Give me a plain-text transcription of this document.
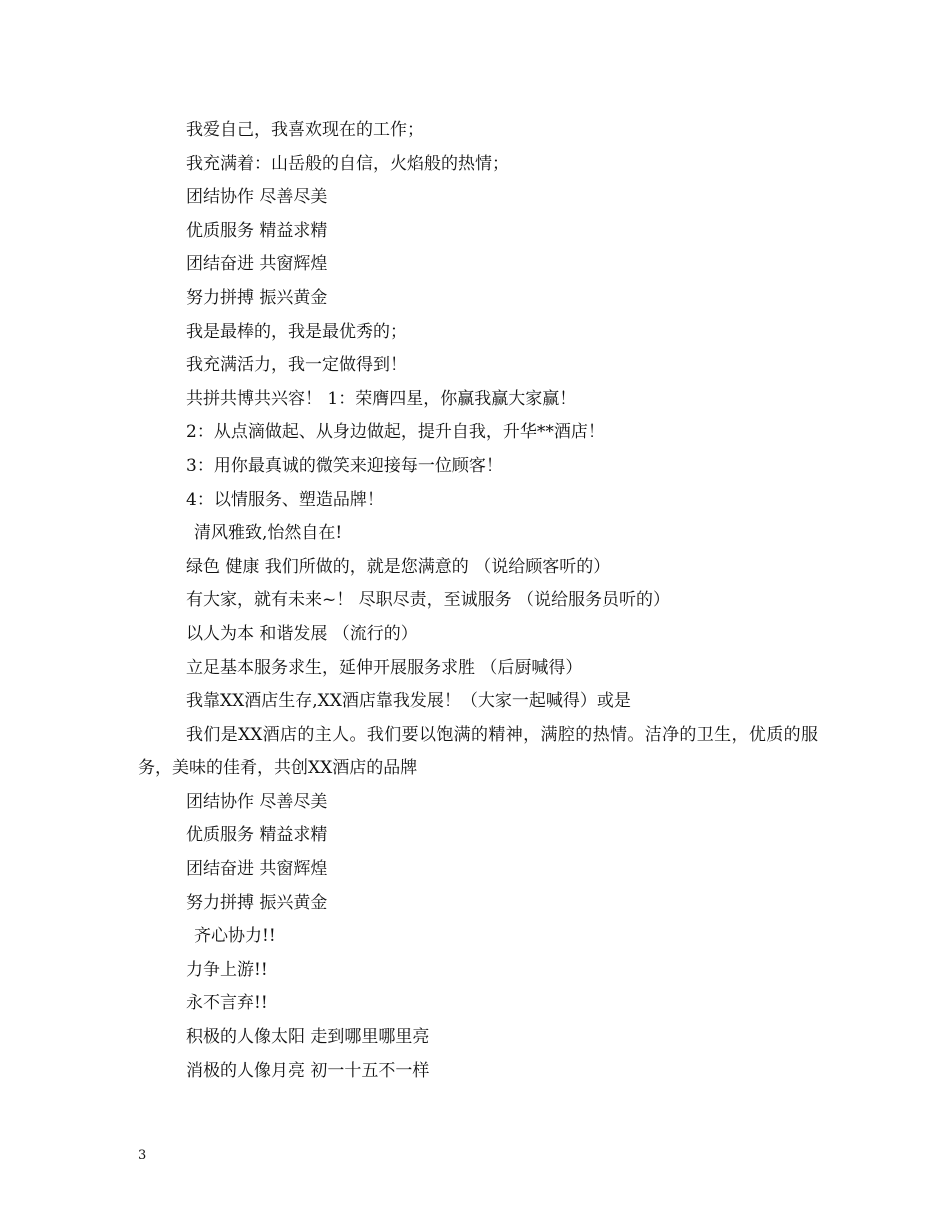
我爱自己，我喜欢现在的工作；
我充满着：山岳般的自信，火焰般的热情；
团结协作 尽善尽美
优质服务 精益求精
团结奋进 共窗辉煌
努力拼搏 振兴黄金
我是最棒的，我是最优秀的；
我充满活力，我一定做得到！
共拼共博共兴容！ 1：荣膺四星，你赢我赢大家赢！
2：从点滴做起、从身边做起，提升自我，升华**酒店！
3：用你最真诚的微笑来迎接每一位顾客！
4：以情服务、塑造品牌！
清风雅致,怡然自在!
绿色 健康 我们所做的，就是您满意的 （说给顾客听的）
有大家，就有未来~！ 尽职尽责，至诚服务 （说给服务员听的）
以人为本 和谐发展 （流行的）
立足基本服务求生，延伸开展服务求胜 （后厨喊得）
我靠XX酒店生存,XX酒店靠我发展！（大家一起喊得）或是
我们是XX酒店的主人。我们要以饱满的精神，满腔的热情。洁净的卫生，优质的服务，美味的佳肴，共创XX酒店的品牌
团结协作 尽善尽美
优质服务 精益求精
团结奋进 共窗辉煌
努力拼搏 振兴黄金
齐心协力!!
力争上游!!
永不言弃!!
积极的人像太阳 走到哪里哪里亮
消极的人像月亮 初一十五不一样
3
